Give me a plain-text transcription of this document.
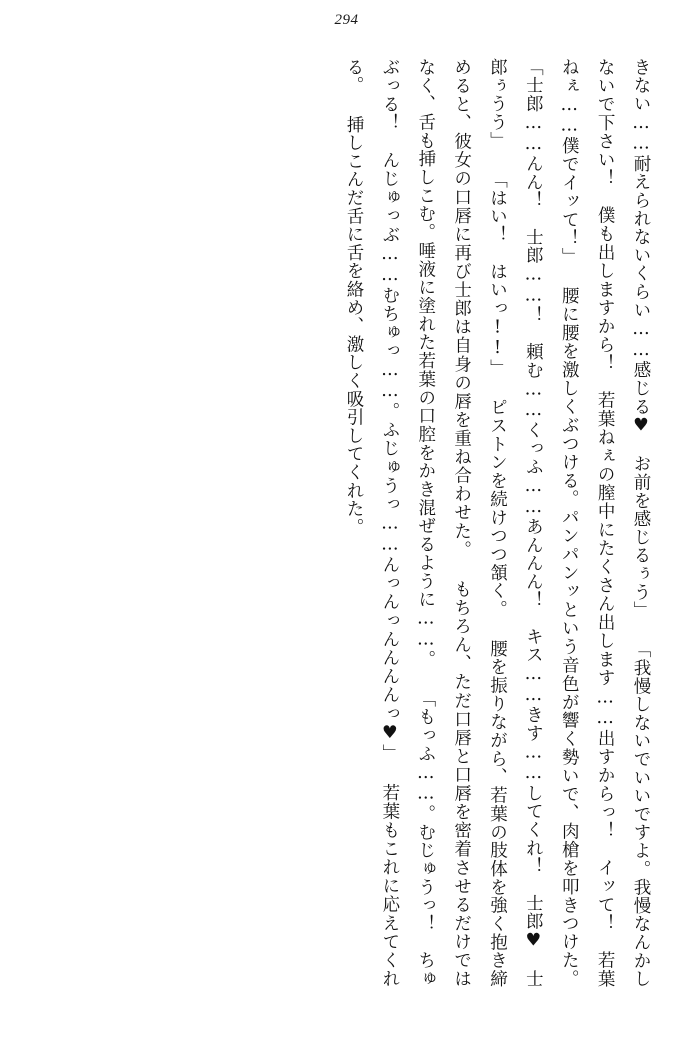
294

きない……耐えられないくらい……感じる♥　お前を感じるぅう」 「我慢しないでいいですよ。我慢なんかしないで下さい！　僕も出しますから！　若葉ねぇの膣中にたくさん出します……出すからっ！　イッて！　若葉ねぇ……僕でイッて！」 腰に腰を激しくぶつける。パンパンッという音色が響く勢いで、肉槍を叩きつけた。 「士郎……んん！　士郎……！　頼む……くっふ……あんんん！　キス……きす……してくれ！　士郎♥　士郎ぅうう」 「はい！　はいっ!!」 ピストンを続けつつ頷く。 腰を振りながら、若葉の肢体を強く抱き締めると、彼女の口唇に再び士郎は自身の唇を重ね合わせた。 もちろん、ただ口唇と口唇を密着させるだけではなく、舌も挿しこむ。唾液に塗れた若葉の口腔をかき混ぜるように……。 「もっふ……。むじゅうっ！　ちゅぶっる！　んじゅっぶ……むちゅっ……。ふじゅうっ……んっんっんんんんっ♥」 若葉もこれに応えてくれる。 挿しこんだ舌に舌を絡め、激しく吸引してくれた。
